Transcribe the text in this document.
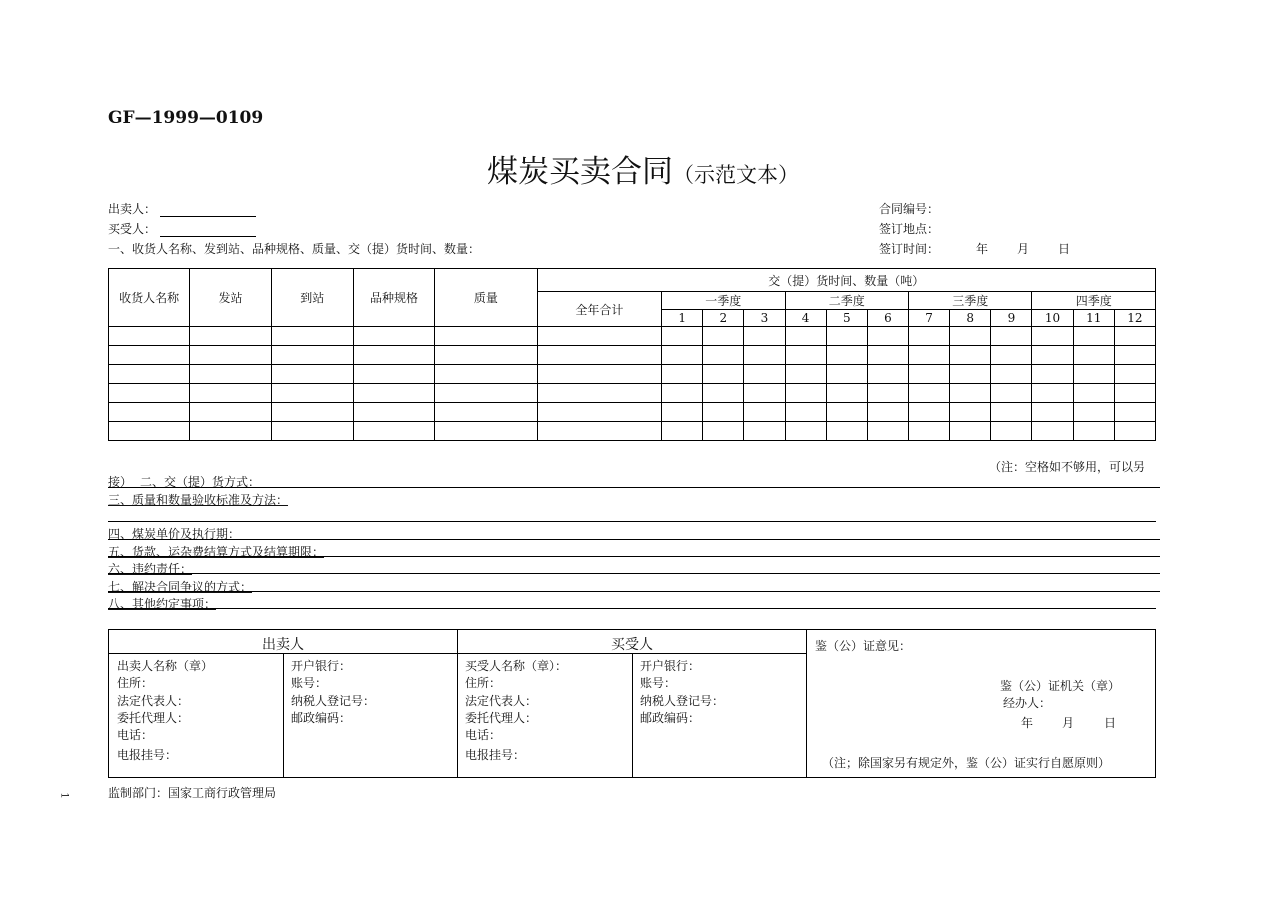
GF—1999—0109
煤炭买卖合同（示范文本）
出卖人：
买受人：
一、收货人名称、发到站、品种规格、质量、交（提）货时间、数量：
合同编号：
签订地点：
签订时间：	年 月 日
收货人名称	发站	到站	品种规格	质量	交（提）货时间、数量（吨）												
					全年合计	一季度			二季度			三季度			四季度		
						1	2	3	4	5	6	7	8	9	10	11	12

（注：空格如不够用，可以另
接） 二、交（提）货方式：
三、质量和数量验收标准及方法：
四、煤炭单价及执行期：
五、货款、运杂费结算方式及结算期限：
六、违约责任：
七、解决合同争议的方式：
八、其他约定事项：
出卖人	买受人
出卖人名称（章）
住所：
法定代表人：
委托代理人：
电话：
电报挂号：
开户银行：
账号：
纳税人登记号：
邮政编码：
买受人名称（章）：
住所：
法定代表人：
委托代理人：
电话：
电报挂号：
开户银行：
账号：
纳税人登记号：
邮政编码：
鉴（公）证意见：
鉴（公）证机关（章）
经办人：
年 月 日
（注；除国家另有规定外，鉴（公）证实行自愿原则）
监制部门：国家工商行政管理局
1
